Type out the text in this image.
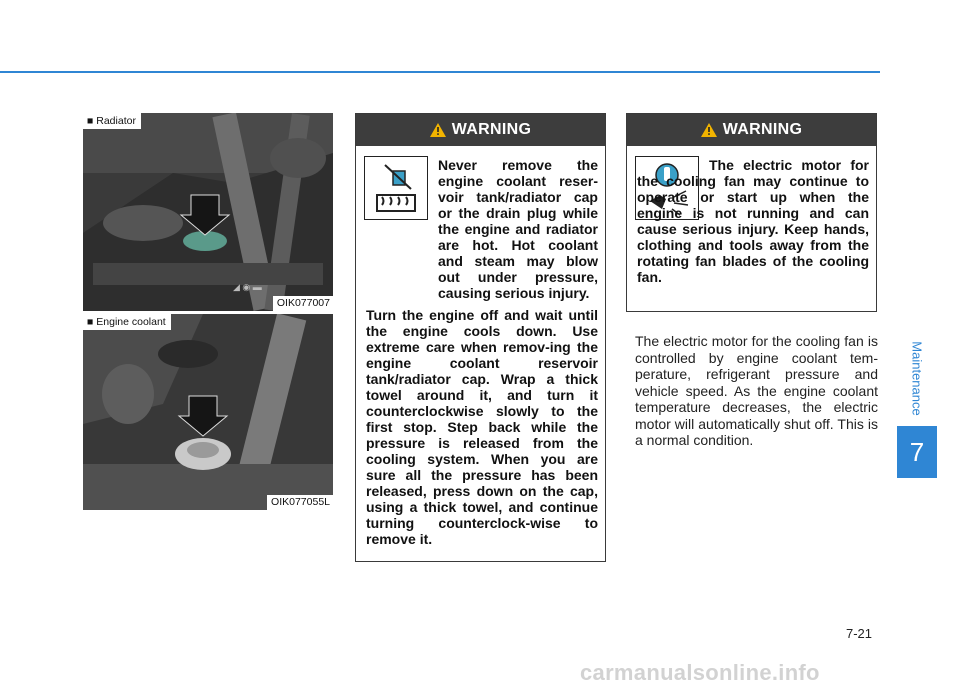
◢ ◉ ▬
■ Radiator
OIK077007
■ Engine coolant
OIK077055L
WARNING

Never remove the engine coolant reser-voir tank/radiator cap or the drain plug while the engine and radiator are hot. Hot coolant and steam may blow out under pressure, causing serious injury.

Turn the engine off and wait until the engine cools down. Use extreme care when remov-ing the engine coolant reservoir tank/radiator cap. Wrap a thick towel around it, and turn it counterclockwise slowly to the first stop. Step back while the pressure is released from the cooling system. When you are sure all the pressure has been released, press down on the cap, using a thick towel, and continue turning counterclock-wise to remove it.

WARNING

The electric motor for the cooling fan may continue to operate or start up when the engine is not running and can cause serious injury. Keep hands, clothing and tools away from the rotating fan blades of the cooling fan.

The electric motor for the cooling fan is controlled by engine coolant tem-perature, refrigerant pressure and vehicle speed. As the engine coolant temperature decreases, the electric motor will automatically shut off. This is a normal condition.
Maintenance
7
7-21
carmanualsonline.info
